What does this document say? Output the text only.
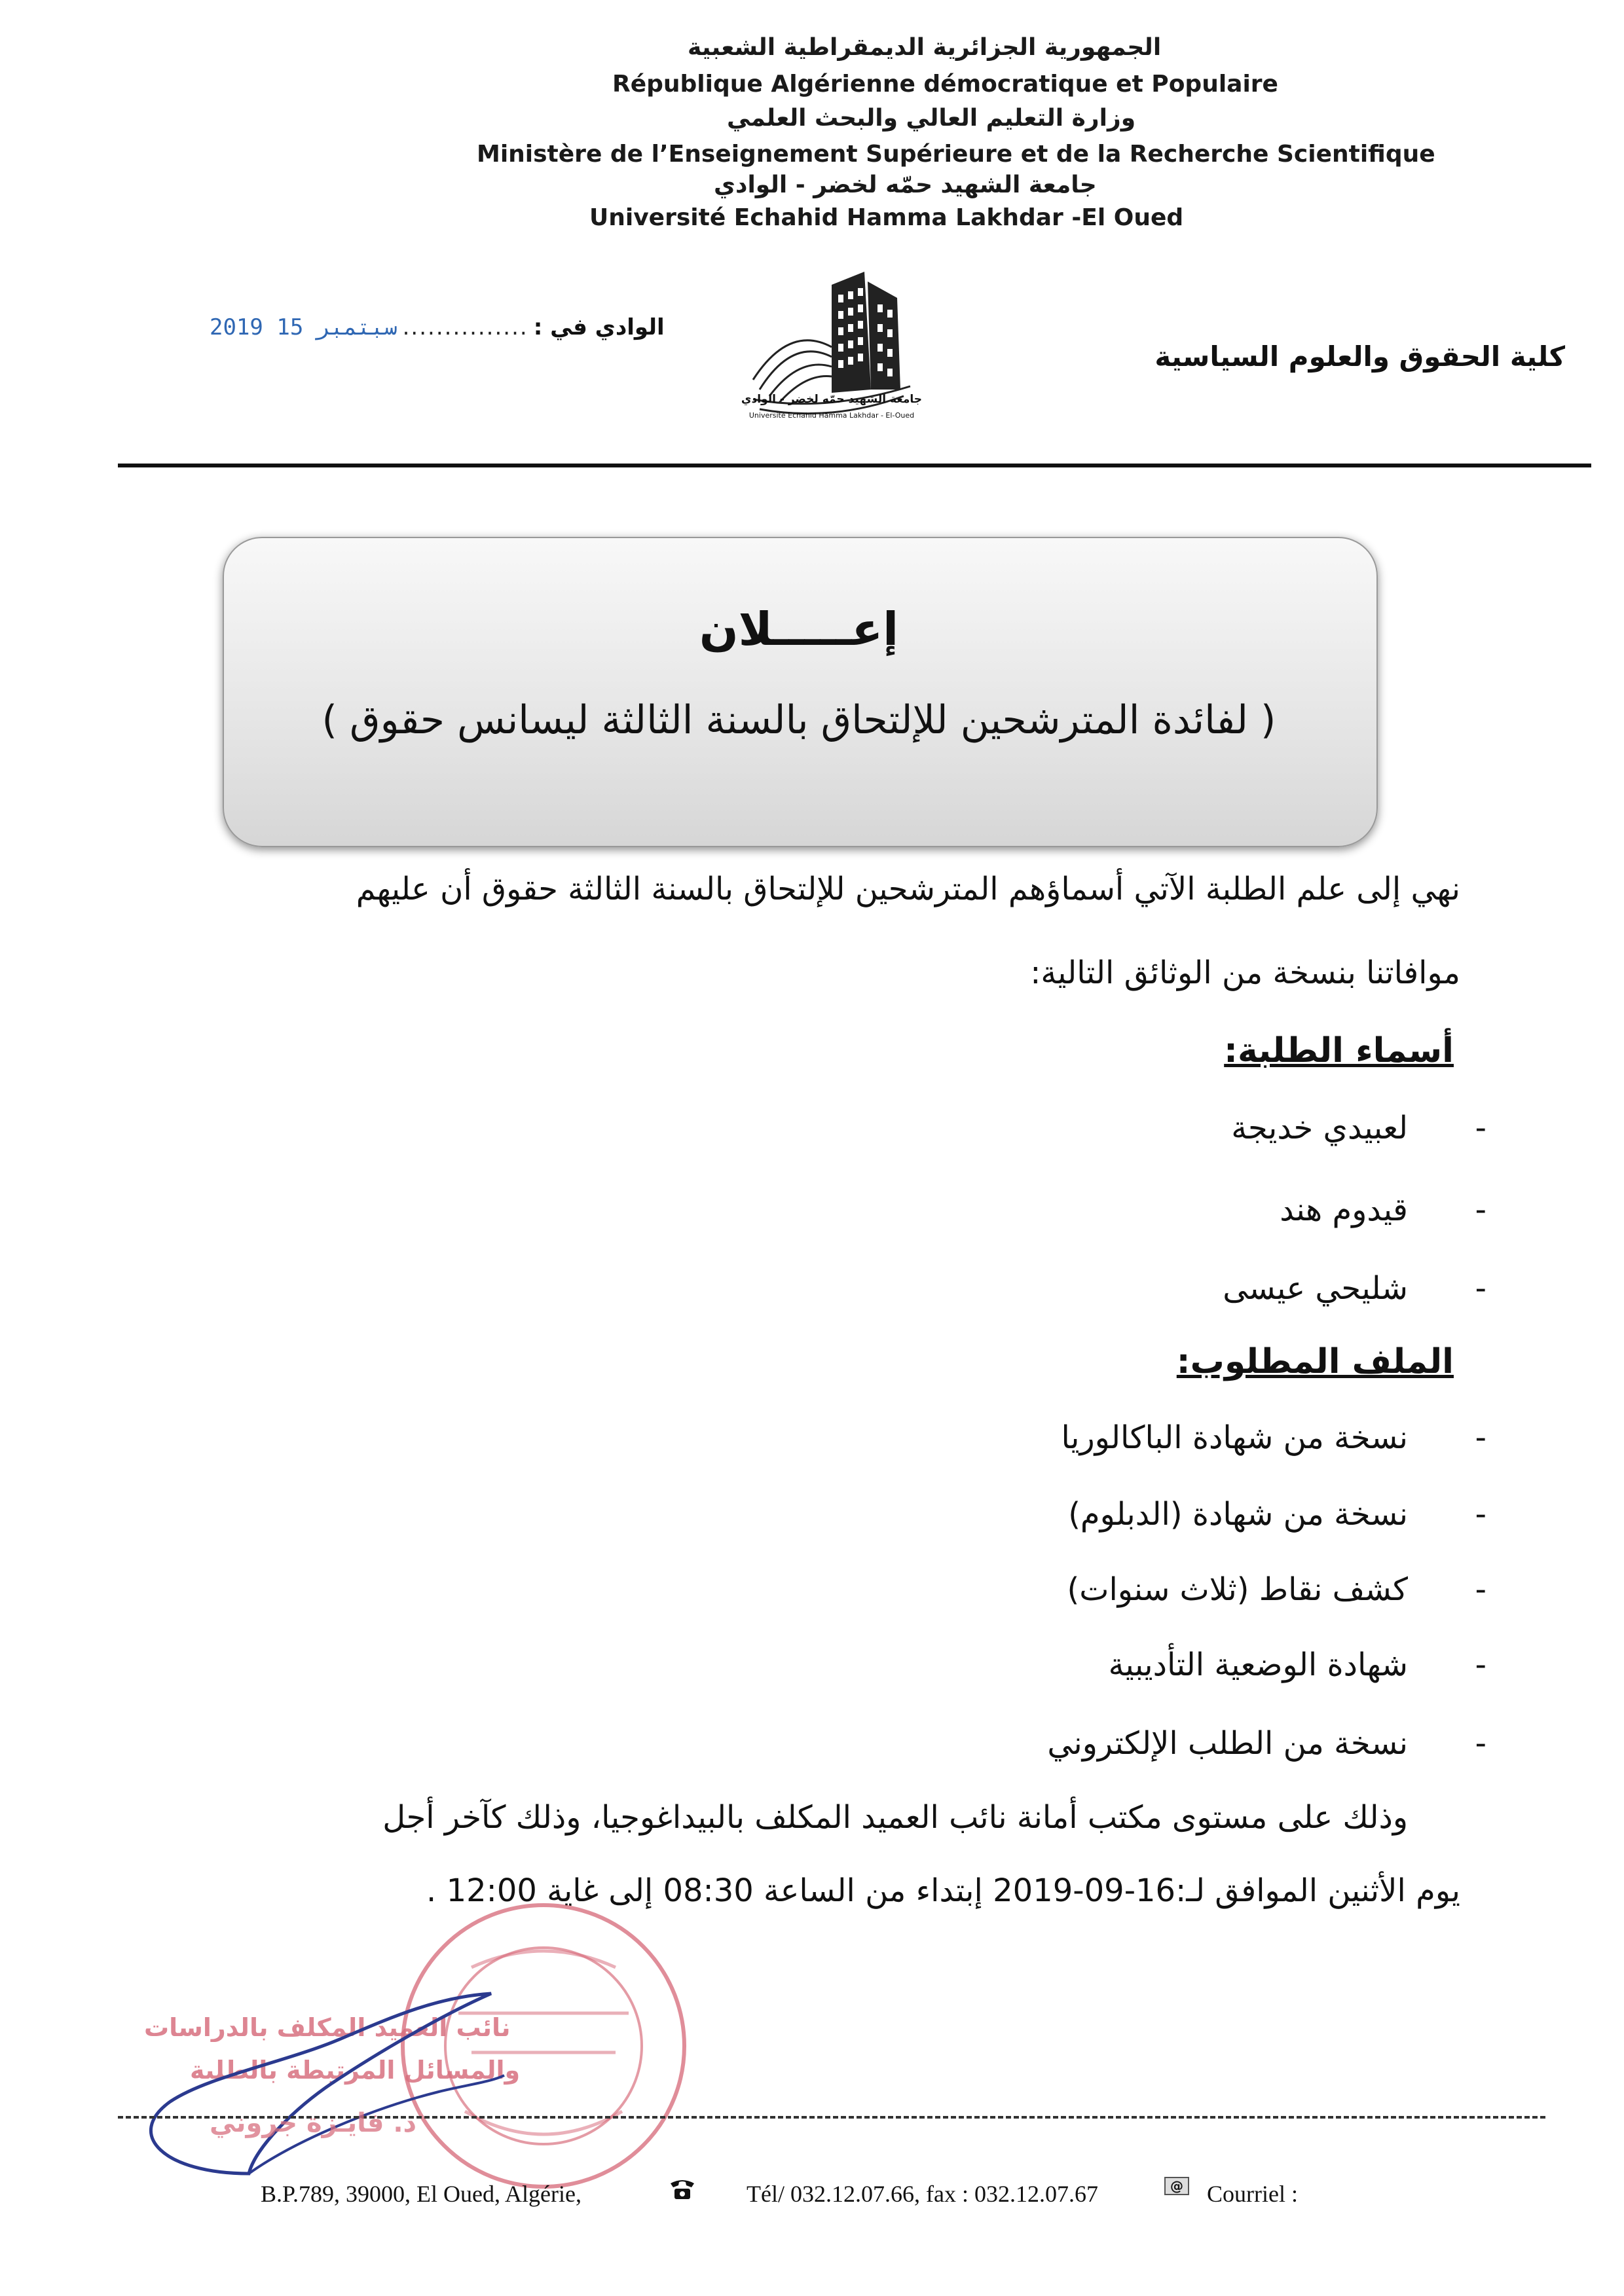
الجمهورية الجزائرية الديمقراطية الشعبية
République Algérienne démocratique et Populaire
وزارة التعليم العالي والبحث العلمي
Ministère de l’Enseignement Supérieure et de la Recherche Scientifique
جامعة الشهيد حمّه لخضر - الوادي
Université Echahid Hamma Lakhdar -El Oued
كلية الحقوق والعلوم السياسية
الوادي في :
...............
2019 سبتمبر 15
جامعة الشهيد حمّه لخضر - الوادي
Université Echahid Hamma Lakhdar - El-Oued
إعـــــلان
( لفائدة المترشحين للإلتحاق بالسنة الثالثة ليسانس حقوق )
نهي إلى علم الطلبة الآتي أسماؤهم المترشحين للإلتحاق بالسنة الثالثة حقوق أن عليهم
موافاتنا بنسخة من الوثائق التالية:
أسماء الطلبة:
- لعبيدي خديجة
- قيدوم هند
- شليحي عيسى
الملف المطلوب:
- نسخة من شهادة الباكالوريا
- نسخة من شهادة (الدبلوم)
- كشف نقاط (ثلاث سنوات)
- شهادة الوضعية التأديبية
- نسخة من الطلب الإلكتروني
وذلك على مستوى مكتب أمانة نائب العميد المكلف بالبيداغوجيا، وذلك كآخر أجل
يوم الأثنين الموافق لـ:16-09-2019 إبتداء من الساعة 08:30 إلى غاية 12:00 .
نائب العميد المكلف بالدراسات
والمسائل المرتبطة بالطلبة
د. فايـزة جروني
B.P.789, 39000, El Oued, Algérie,	Tél/ 032.12.07.66, fax : 032.12.07.67	@ Courriel :
